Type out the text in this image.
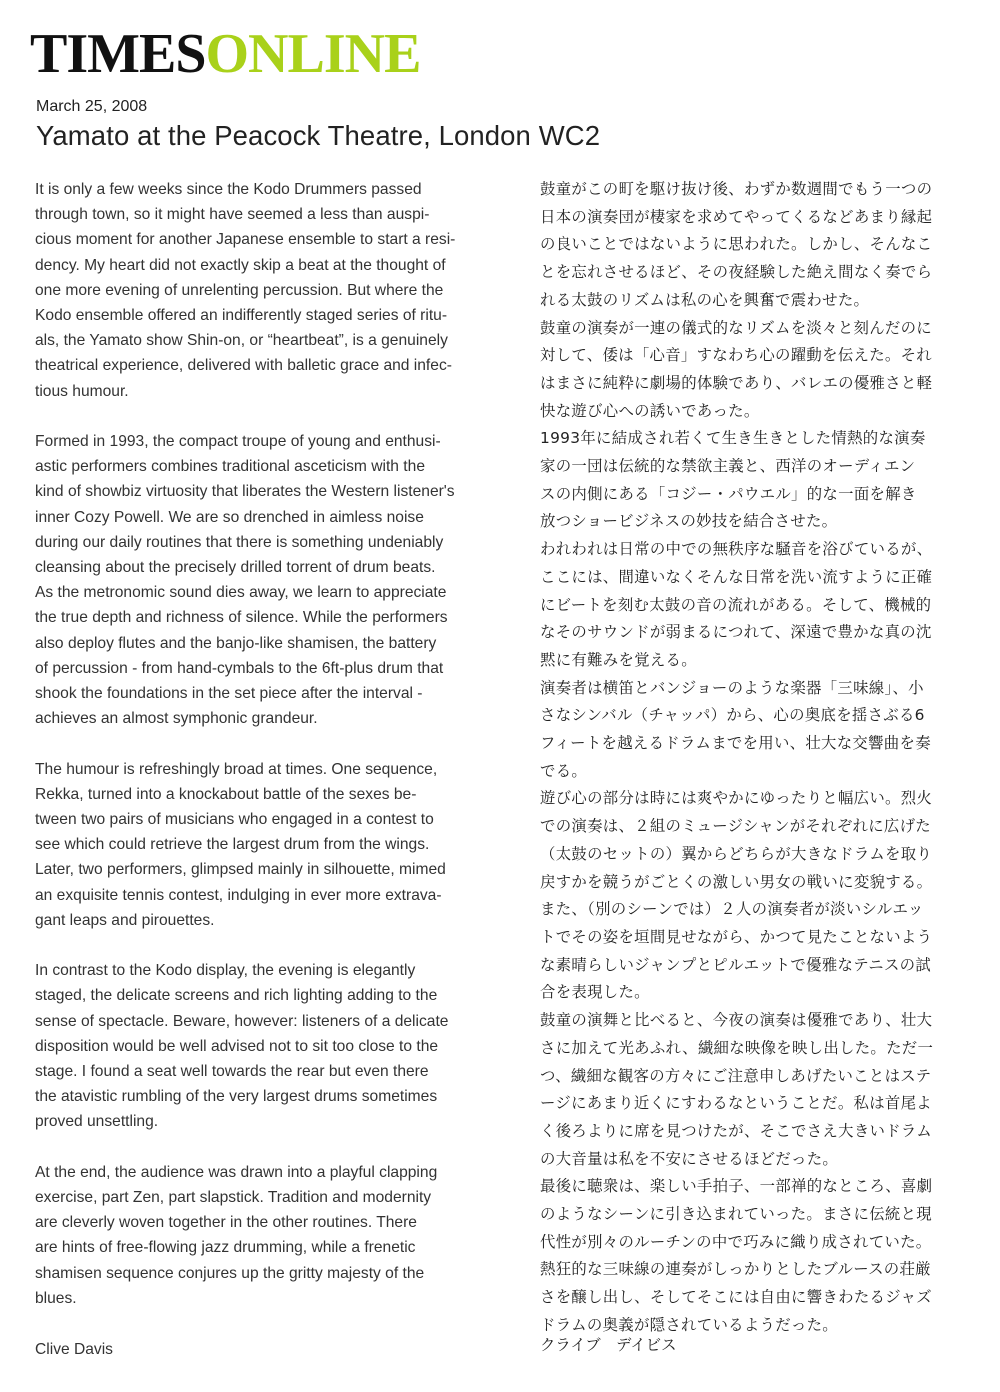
TIMES ONLINE
March 25, 2008
Yamato at the Peacock Theatre, London WC2

It is only a few weeks since the Kodo Drummers passed
through town, so it might have seemed a less than auspi-
cious moment for another Japanese ensemble to start a resi-
dency. My heart did not exactly skip a beat at the thought of
one more evening of unrelenting percussion. But where the
Kodo ensemble offered an indifferently staged series of ritu-
als, the Yamato show Shin-on, or “heartbeat”, is a genuinely
theatrical experience, delivered with balletic grace and infec-
tious humour.

Formed in 1993, the compact troupe of young and enthusi-
astic performers combines traditional asceticism with the
kind of showbiz virtuosity that liberates the Western listener's
inner Cozy Powell. We are so drenched in aimless noise
during our daily routines that there is something undeniably
cleansing about the precisely drilled torrent of drum beats.
As the metronomic sound dies away, we learn to appreciate
the true depth and richness of silence. While the performers
also deploy flutes and the banjo-like shamisen, the battery
of percussion - from hand-cymbals to the 6ft-plus drum that
shook the foundations in the set piece after the interval -
achieves an almost symphonic grandeur.

The humour is refreshingly broad at times. One sequence,
Rekka, turned into a knockabout battle of the sexes be-
tween two pairs of musicians who engaged in a contest to
see which could retrieve the largest drum from the wings.
Later, two performers, glimpsed mainly in silhouette, mimed
an exquisite tennis contest, indulging in ever more extrava-
gant leaps and pirouettes.

In contrast to the Kodo display, the evening is elegantly
staged, the delicate screens and rich lighting adding to the
sense of spectacle. Beware, however: listeners of a delicate
disposition would be well advised not to sit too close to the
stage. I found a seat well towards the rear but even there
the atavistic rumbling of the very largest drums sometimes
proved unsettling.

At the end, the audience was drawn into a playful clapping
exercise, part Zen, part slapstick. Tradition and modernity
are cleverly woven together in the other routines. There
are hints of free-flowing jazz drumming, while a frenetic
shamisen sequence conjures up the gritty majesty of the
blues.

Clive Davis

鼓童がこの町を駆け抜け後、わずか数週間でもう一つの
日本の演奏団が棲家を求めてやってくるなどあまり縁起
の良いことではないように思われた。しかし、そんなこ
とを忘れさせるほど、その夜経験した絶え間なく奏でら
れる太鼓のリズムは私の心を興奮で震わせた。

鼓童の演奏が一連の儀式的なリズムを淡々と刻んだのに
対して、倭は「心音」すなわち心の躍動を伝えた。それ
はまさに純粋に劇場的体験であり、バレエの優雅さと軽
快な遊び心への誘いであった。

1993年に結成され若くて生き生きとした情熱的な演奏
家の一団は伝統的な禁欲主義と、西洋のオーディエン
スの内側にある「コジー・パウエル」的な一面を解き
放つショービジネスの妙技を結合させた。

われわれは日常の中での無秩序な騒音を浴びているが、
ここには、間違いなくそんな日常を洗い流すように正確
にビートを刻む太鼓の音の流れがある。そして、機械的
なそのサウンドが弱まるにつれて、深遠で豊かな真の沈
黙に有難みを覚える。

演奏者は横笛とバンジョーのような楽器「三味線」、小
さなシンバル（チャッパ）から、心の奥底を揺さぶる6
フィートを越えるドラムまでを用い、壮大な交響曲を奏
でる。

遊び心の部分は時には爽やかにゆったりと幅広い。烈火
での演奏は、２組のミュージシャンがそれぞれに広げた
（太鼓のセットの）翼からどちらが大きなドラムを取り
戻すかを競うがごとくの激しい男女の戦いに変貌する。
また、（別のシーンでは）２人の演奏者が淡いシルエッ
トでその姿を垣間見せながら、かつて見たことないよう
な素晴らしいジャンプとピルエットで優雅なテニスの試
合を表現した。

鼓童の演舞と比べると、今夜の演奏は優雅であり、壮大
さに加えて光あふれ、繊細な映像を映し出した。ただ一
つ、繊細な観客の方々にご注意申しあげたいことはステ
ージにあまり近くにすわるなということだ。私は首尾よ
く後ろよりに席を見つけたが、そこでさえ大きいドラム
の大音量は私を不安にさせるほどだった。

最後に聴衆は、楽しい手拍子、一部禅的なところ、喜劇
のようなシーンに引き込まれていった。まさに伝統と現
代性が別々のルーチンの中で巧みに織り成されていた。

熱狂的な三味線の連奏がしっかりとしたブルースの荘厳
さを醸し出し、そしてそこには自由に響きわたるジャズ
ドラムの奥義が隠されているようだった。

クライブ　デイビス
